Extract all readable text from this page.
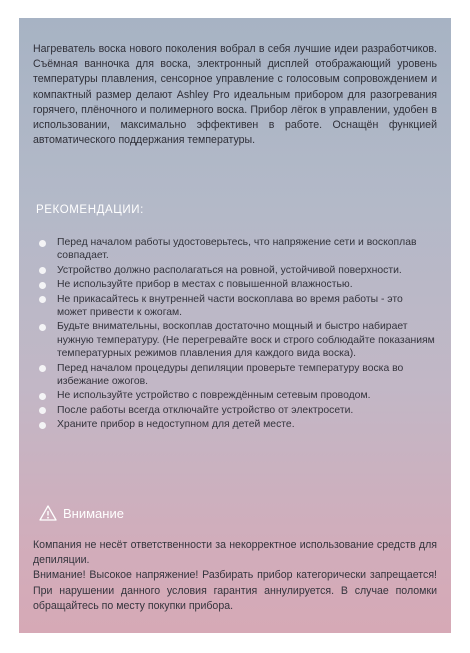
Нагреватель воска нового поколения вобрал в себя лучшие идеи разработчиков. Съёмная ванночка для воска, электронный дисплей отображающий уровень температуры плавления, сенсорное управление с голосовым сопровождением и компактный размер делают Ashley Pro идеальным прибором для разогревания горячего, плёночного и полимерного воска. Прибор лёгок в управлении, удобен в использовании, максимально эффективен в работе. Оснащён функцией автоматического поддержания температуры.

РЕКОМЕНДАЦИИ:
Перед началом работы удостоверьтесь, что напряжение сети и воскоплав совпадает.
Устройство должно располагаться на ровной, устойчивой поверхности.
Не используйте прибор в местах с повышенной влажностью.
Не прикасайтесь к внутренней части воскоплава во время работы - это может привести к ожогам.
Будьте внимательны, воскоплав достаточно мощный и быстро набирает нужную температуру. (Не перегревайте воск и строго соблюдайте показаниям температурных режимов плавления для каждого вида воска).
Перед началом процедуры депиляции проверьте температуру воска во избежание ожогов.
Не используйте устройство с повреждённым сетевым проводом.
После работы всегда отключайте устройство от электросети.
Храните прибор в недоступном для детей месте.
Внимание

Компания не несёт ответственности за некорректное использование средств для депиляции.
Внимание! Высокое напряжение! Разбирать прибор категорически запрещается! При нарушении данного условия гарантия аннулируется. В случае поломки обращайтесь по месту покупки прибора.
